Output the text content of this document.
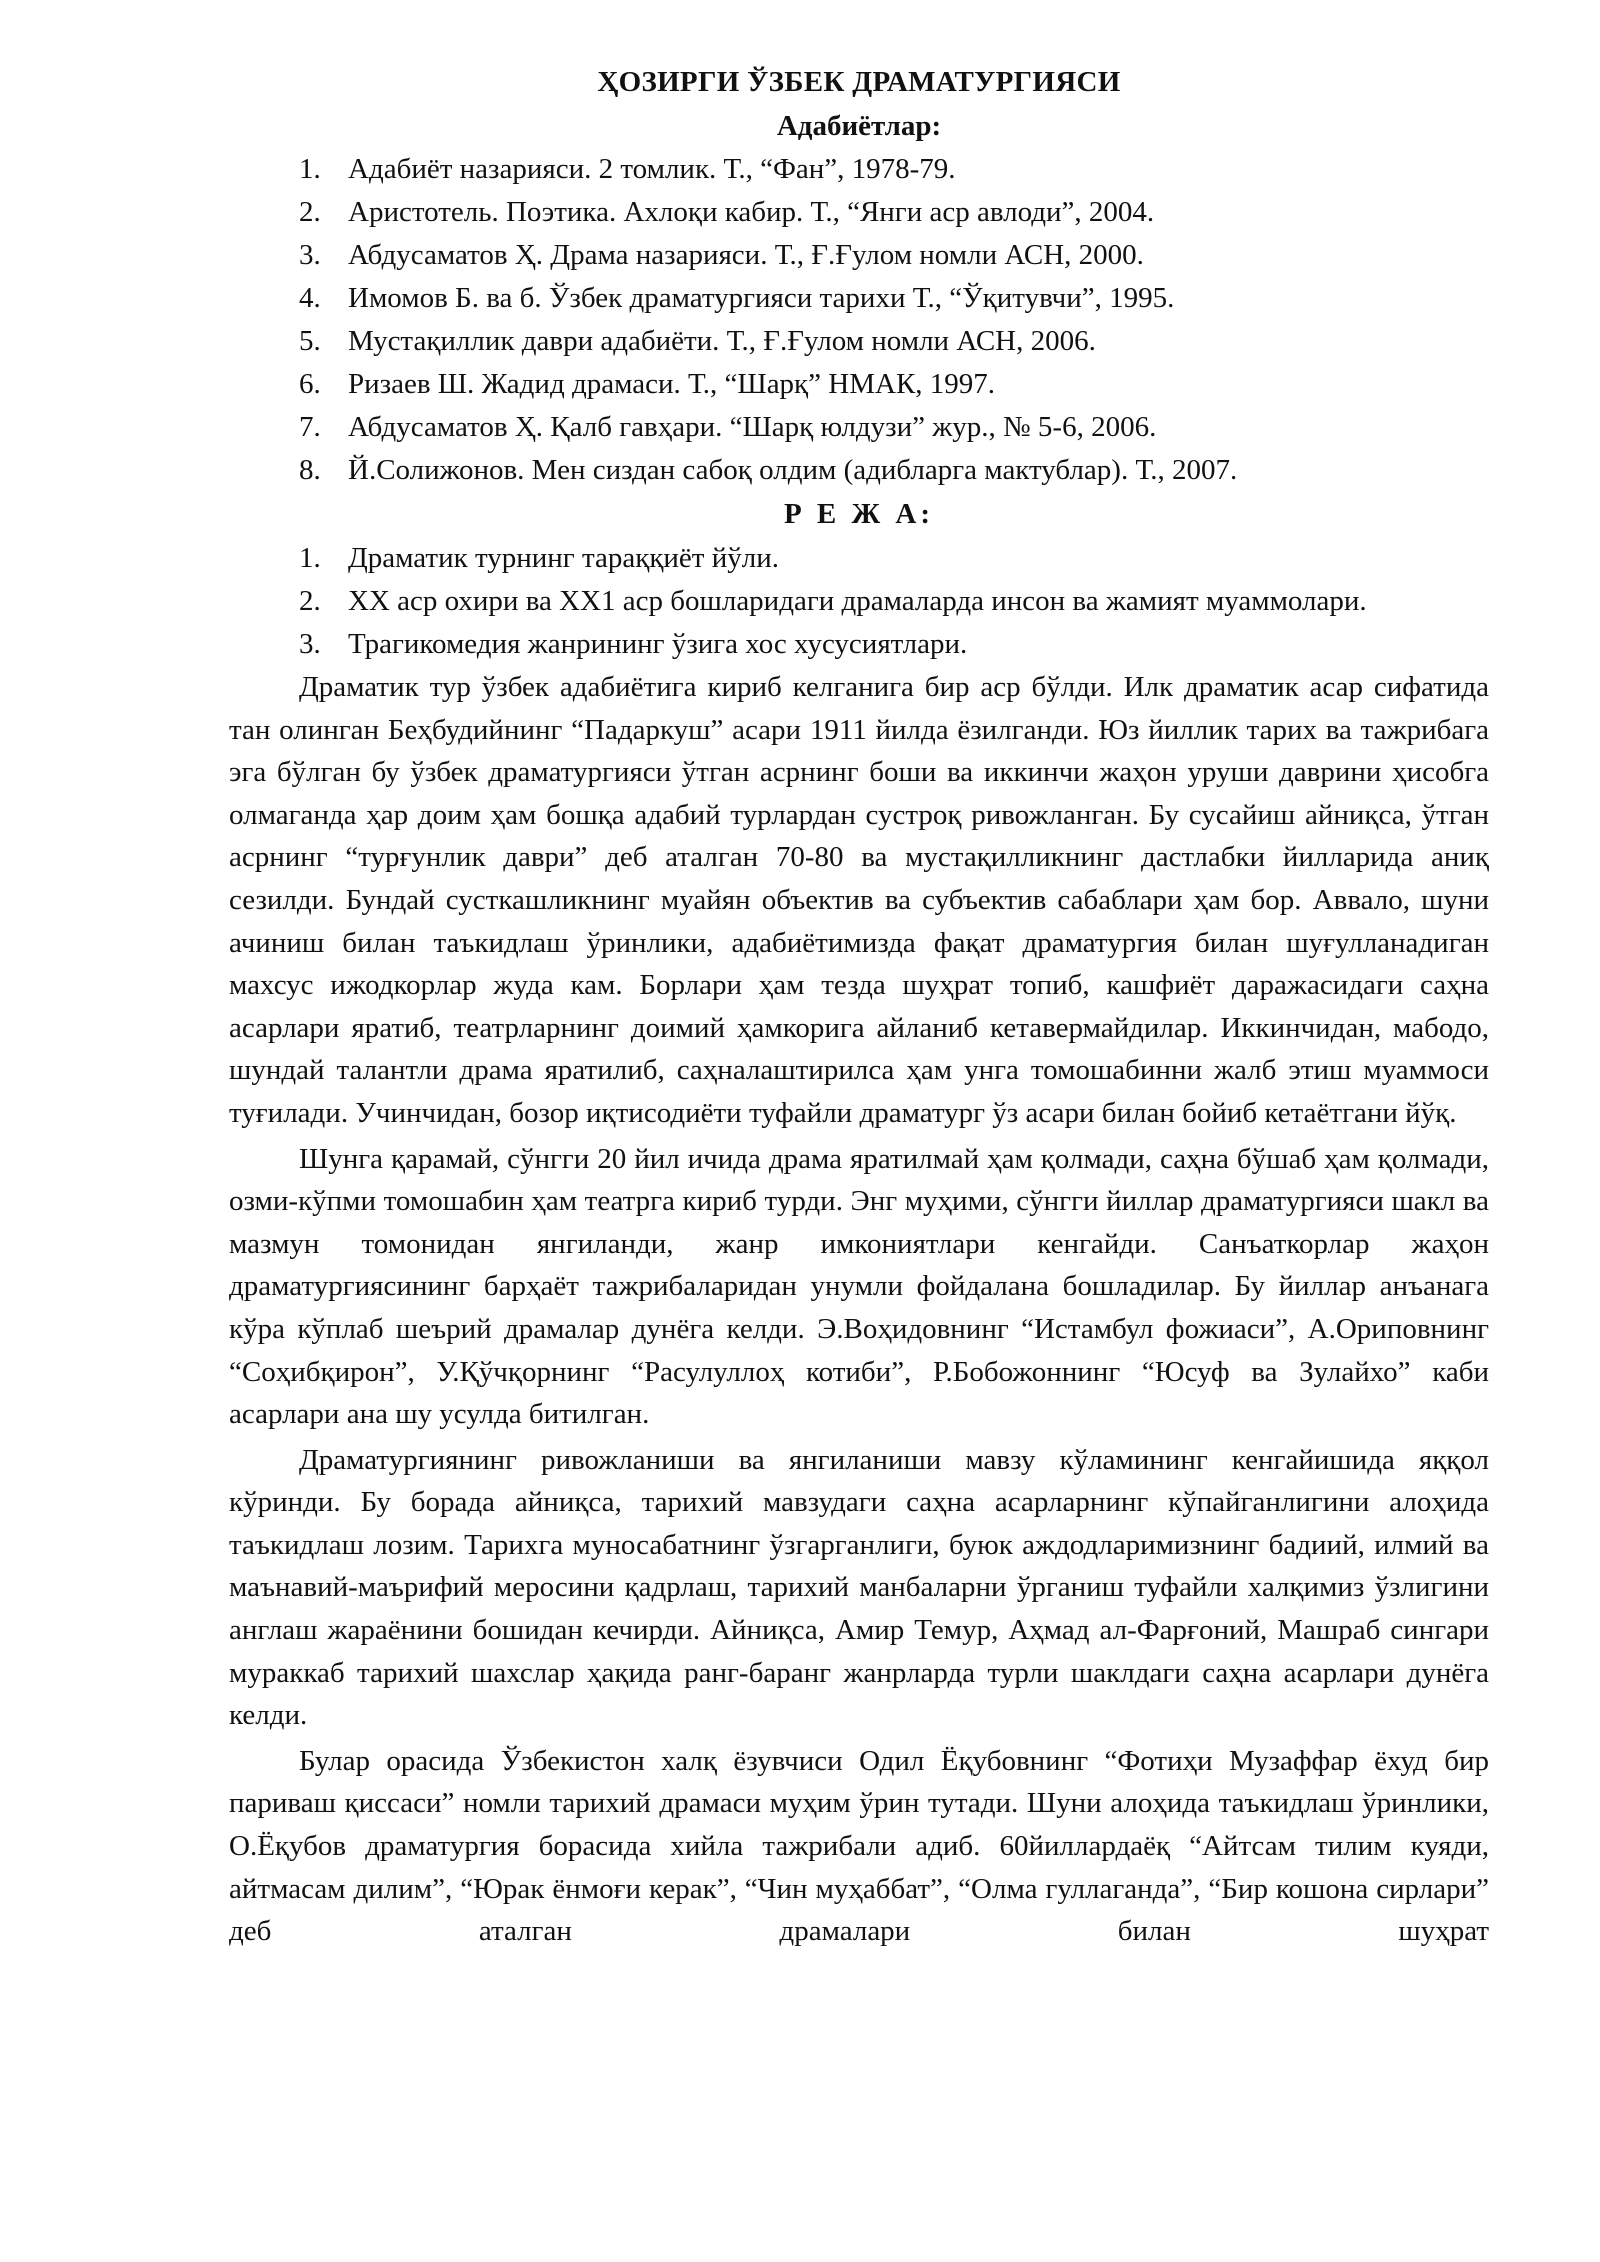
ҲОЗИРГИ ЎЗБЕК ДРАМАТУРГИЯСИ
Адабиётлар:
1. Адабиёт назарияси. 2 томлик. Т., “Фан”, 1978-79.
2. Аристотель. Поэтика. Ахлоқи кабир. Т., “Янги аср авлоди”, 2004.
3. Абдусаматов Ҳ. Драма назарияси. Т., Ғ.Ғулом номли АСН, 2000.
4. Имомов Б. ва б. Ўзбек драматургияси тарихи Т., “Ўқитувчи”, 1995.
5. Мустақиллик даври адабиёти. Т., Ғ.Ғулом номли АСН, 2006.
6. Ризаев Ш. Жадид драмаси. Т., “Шарқ” НМАК, 1997.
7. Абдусаматов Ҳ. Қалб гавҳари. “Шарқ юлдузи” жур., № 5-6, 2006.
8. Й.Солижонов. Мен сиздан сабоқ олдим (адибларга мактублар). Т., 2007.
Р Е Ж А:
1. Драматик турнинг тараққиёт йўли.
2. ХХ аср охири ва ХХ1 аср бошларидаги драмаларда инсон ва жамият муаммолари.
3. Трагикомедия жанрининг ўзига хос хусусиятлари.

Драматик тур ўзбек адабиётига кириб келганига бир аср бўлди. Илк драматик асар сифатида тан олинган Беҳбудийнинг “Падаркуш” асари 1911 йилда ёзилганди. Юз йиллик тарих ва тажрибага эга бўлган бу ўзбек драматургияси ўтган асрнинг боши ва иккинчи жаҳон уруши даврини ҳисобга олмаганда ҳар доим ҳам бошқа адабий турлардан сустроқ ривожланган. Бу сусайиш айниқса, ўтган асрнинг “турғунлик даври” деб аталган 70-80 ва мустақилликнинг дастлабки йилларида аниқ сезилди. Бундай сусткашликнинг муайян объектив ва субъектив сабаблари ҳам бор. Аввало, шуни ачиниш билан таъкидлаш ўринлики, адабиётимизда фақат драматургия билан шуғулланадиган махсус ижодкорлар жуда кам. Борлари ҳам тезда шуҳрат топиб, кашфиёт даражасидаги саҳна асарлари яратиб, театрларнинг доимий ҳамкорига айланиб кетавермайдилар. Иккинчидан, мабодо, шундай талантли драма яратилиб, саҳналаштирилса ҳам унга томошабинни жалб этиш муаммоси туғилади. Учинчидан, бозор иқтисодиёти туфайли драматург ўз асари билан бойиб кетаётгани йўқ.

Шунга қарамай, сўнгги 20 йил ичида драма яратилмай ҳам қолмади, саҳна бўшаб ҳам қолмади, озми-кўпми томошабин ҳам театрга кириб турди. Энг муҳими, сўнгги йиллар драматургияси шакл ва мазмун томонидан янгиланди, жанр имкониятлари кенгайди. Санъаткорлар жаҳон драматургиясининг барҳаёт тажрибаларидан унумли фойдалана бошладилар. Бу йиллар анъанага кўра кўплаб шеърий драмалар дунёга келди. Э.Воҳидовнинг “Истамбул фожиаси”, А.Ориповнинг “Соҳибқирон”, У.Қўчқорнинг “Расулуллоҳ котиби”, Р.Бобожоннинг “Юсуф ва Зулайхо” каби асарлари ана шу усулда битилган.

Драматургиянинг ривожланиши ва янгиланиши мавзу кўламининг кенгайишида яққол кўринди. Бу борада айниқса, тарихий мавзудаги саҳна асарларнинг кўпайганлигини алоҳида таъкидлаш лозим. Тарихга муносабатнинг ўзгарганлиги, буюк аждодларимизнинг бадиий, илмий ва маънавий-маърифий меросини қадрлаш, тарихий манбаларни ўрганиш туфайли халқимиз ўзлигини англаш жараёнини бошидан кечирди. Айниқса, Амир Темур, Аҳмад ал-Фарғоний, Машраб сингари мураккаб тарихий шахслар ҳақида ранг-баранг жанрларда турли шаклдаги саҳна асарлари дунёга келди.

Булар орасида Ўзбекистон халқ ёзувчиси Одил Ёқубовнинг “Фотиҳи Музаффар ёхуд бир париваш қиссаси” номли тарихий драмаси муҳим ўрин тутади. Шуни алоҳида таъкидлаш ўринлики, О.Ёқубов драматургия борасида хийла тажрибали адиб. 60йиллардаёқ “Айтсам тилим куяди, айтмасам дилим”, “Юрак ёнмоғи керак”, “Чин муҳаббат”, “Олма гуллаганда”, “Бир кошона сирлари” деб аталган драмалари билан шуҳрат
